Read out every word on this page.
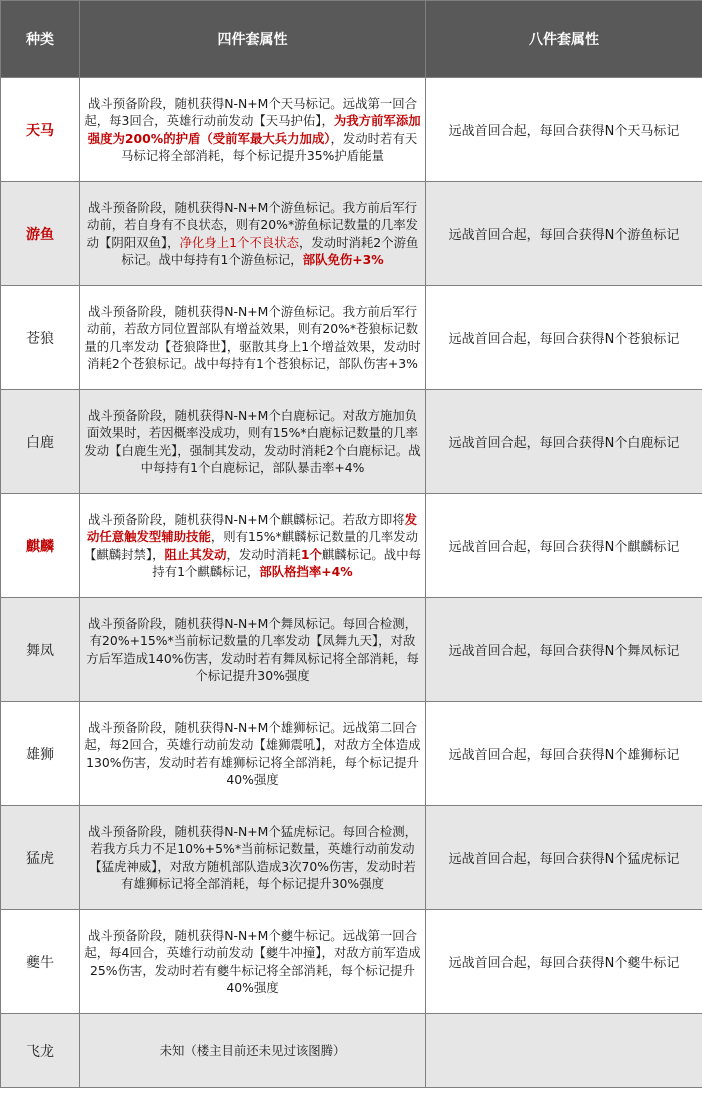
种类	四件套属性	八件套属性
天马	战斗预备阶段，随机获得N-N+M个天马标记。远战第一回合起，每3回合，英雄行动前发动【天马护佑】，为我方前军添加强度为200%的护盾（受前军最大兵力加成），发动时若有天马标记将全部消耗，每个标记提升35%护盾能量	远战首回合起，每回合获得N个天马标记
游鱼	战斗预备阶段，随机获得N-N+M个游鱼标记。我方前后军行动前，若自身有不良状态，则有20%*游鱼标记数量的几率发动【阴阳双鱼】，净化身上1个不良状态，发动时消耗2个游鱼标记。战中每持有1个游鱼标记，部队免伤+3%	远战首回合起，每回合获得N个游鱼标记
苍狼	战斗预备阶段，随机获得N-N+M个游鱼标记。我方前后军行动前，若敌方同位置部队有增益效果，则有20%*苍狼标记数量的几率发动【苍狼降世】，驱散其身上1个增益效果，发动时消耗2个苍狼标记。战中每持有1个苍狼标记，部队伤害+3%	远战首回合起，每回合获得N个苍狼标记
白鹿	战斗预备阶段，随机获得N-N+M个白鹿标记。对敌方施加负面效果时，若因概率没成功，则有15%*白鹿标记数量的几率发动【白鹿生光】，强制其发动，发动时消耗2个白鹿标记。战中每持有1个白鹿标记，部队暴击率+4%	远战首回合起，每回合获得N个白鹿标记
麒麟	战斗预备阶段，随机获得N-N+M个麒麟标记。若敌方即将发动任意触发型辅助技能，则有15%*麒麟标记数量的几率发动【麒麟封禁】，阻止其发动，发动时消耗1个麒麟标记。战中每持有1个麒麟标记，部队格挡率+4%	远战首回合起，每回合获得N个麒麟标记
舞凤	战斗预备阶段，随机获得N-N+M个舞凤标记。每回合检测，有20%+15%*当前标记数量的几率发动【凤舞九天】，对敌方后军造成140%伤害，发动时若有舞凤标记将全部消耗，每个标记提升30%强度	远战首回合起，每回合获得N个舞凤标记
雄狮	战斗预备阶段，随机获得N-N+M个雄狮标记。远战第二回合起，每2回合，英雄行动前发动【雄狮震吼】，对敌方全体造成130%伤害，发动时若有雄狮标记将全部消耗，每个标记提升40%强度	远战首回合起，每回合获得N个雄狮标记
猛虎	战斗预备阶段，随机获得N-N+M个猛虎标记。每回合检测，若我方兵力不足10%+5%*当前标记数量，英雄行动前发动【猛虎神威】，对敌方随机部队造成3次70%伤害，发动时若有雄狮标记将全部消耗，每个标记提升30%强度	远战首回合起，每回合获得N个猛虎标记
夔牛	战斗预备阶段，随机获得N-N+M个夔牛标记。远战第一回合起，每4回合，英雄行动前发动【夔牛冲撞】，对敌方前军造成25%伤害，发动时若有夔牛标记将全部消耗，每个标记提升40%强度	远战首回合起，每回合获得N个夔牛标记
飞龙	未知（楼主目前还未见过该图腾）	
